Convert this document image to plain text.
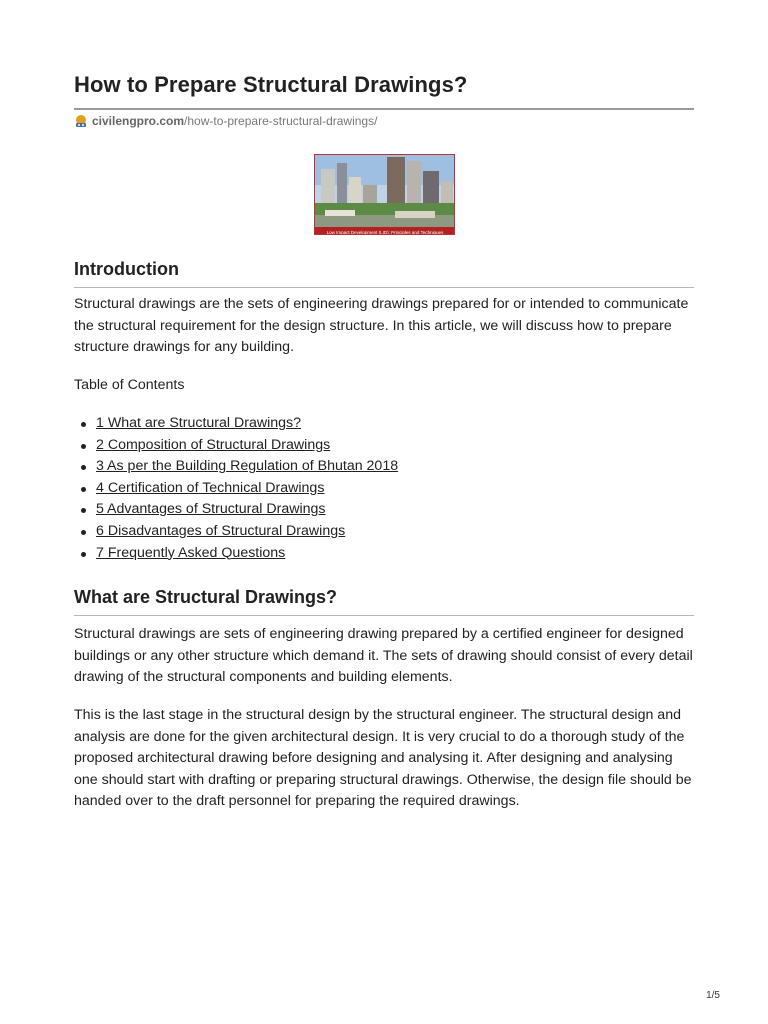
How to Prepare Structural Drawings?
civilengpro.com /how-to-prepare-structural-drawings/
Low Impact Development (LID): Principles and Techniques
Introduction

Structural drawings are the sets of engineering drawings prepared for or intended to communicate the structural requirement for the design structure. In this article, we will discuss how to prepare structure drawings for any building.

Table of Contents

1 What are Structural Drawings?
2 Composition of Structural Drawings
3 As per the Building Regulation of Bhutan 2018
4 Certification of Technical Drawings
5 Advantages of Structural Drawings
6 Disadvantages of Structural Drawings
7 Frequently Asked Questions
What are Structural Drawings?

Structural drawings are sets of engineering drawing prepared by a certified engineer for designed buildings or any other structure which demand it. The sets of drawing should consist of every detail drawing of the structural components and building elements.

This is the last stage in the structural design by the structural engineer. The structural design and analysis are done for the given architectural design. It is very crucial to do a thorough study of the proposed architectural drawing before designing and analysing it. After designing and analysing one should start with drafting or preparing structural drawings. Otherwise, the design file should be handed over to the draft personnel for preparing the required drawings.

1/5
